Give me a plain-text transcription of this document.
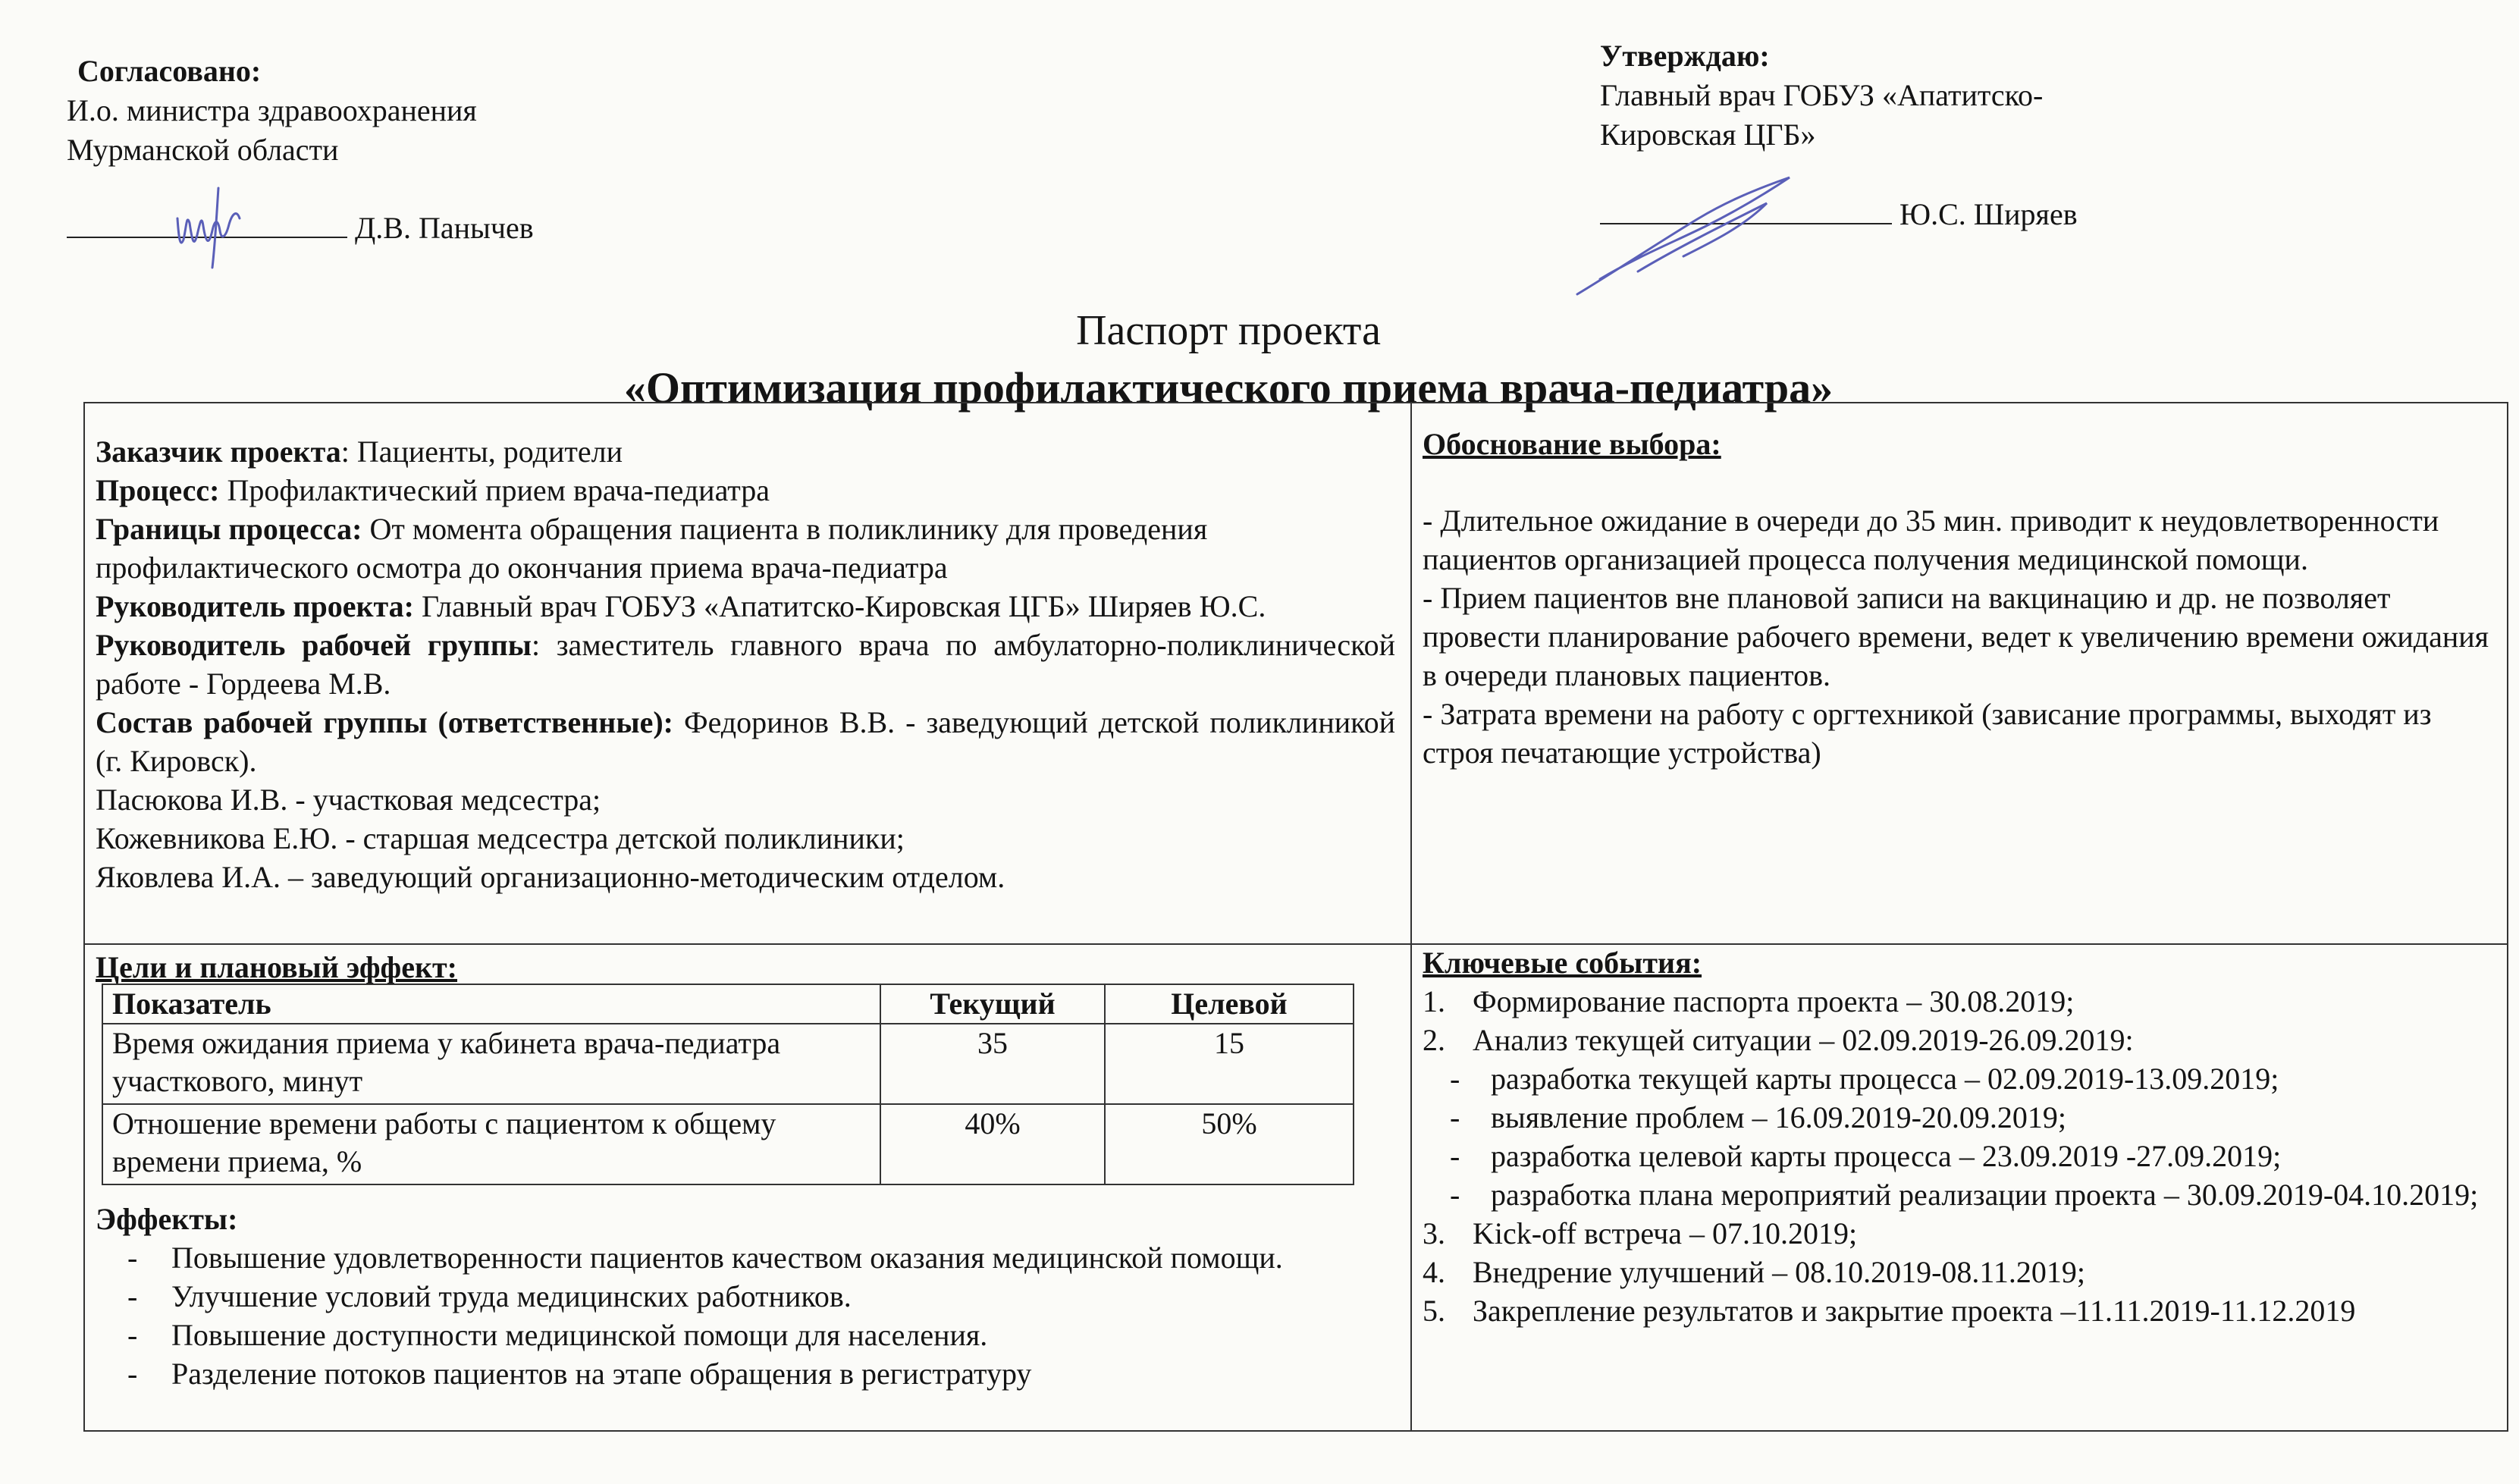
Согласовано:
И.о. министра здравоохранения
Мурманской области
Д.В. Панычев
Утверждаю:
Главный врач ГОБУЗ «Апатитско-
Кировская ЦГБ»
Ю.С. Ширяев
Паспорт проекта
«Оптимизация профилактического приема врача-педиатра»

Заказчик проекта: Пациенты, родители

Процесс: Профилактический прием врача-педиатра

Границы процесса: От момента обращения пациента в поликлинику для проведения профилактического осмотра до окончания приема врача-педиатра

Руководитель проекта: Главный врач ГОБУЗ «Апатитско-Кировская ЦГБ» Ширяев Ю.С.

Руководитель рабочей группы: заместитель главного врача по амбулаторно-поликлинической работе - Гордеева М.В.

Состав рабочей группы (ответственные): Федоринов В.В. - заведующий детской поликлиникой (г. Кировск).

Пасюкова И.В. - участковая медсестра;

Кожевникова Е.Ю. - старшая медсестра детской поликлиники;

Яковлева И.А. – заведующий организационно-методическим отделом.

Обоснование выбора:

- Длительное ожидание в очереди до 35 мин. приводит к неудовлетворенности пациентов организацией процесса получения медицинской помощи.

- Прием пациентов вне плановой записи на вакцинацию и др. не позволяет провести планирование рабочего времени, ведет к увеличению времени ожидания в очереди плановых пациентов.

- Затрата времени на работу с оргтехникой (зависание программы, выходят из строя печатающие устройства)

Цели и плановый эффект:

Показатель	Текущий	Целевой
Время ожидания приема у кабинета врача-педиатра участкового, минут	35	15
Отношение времени работы с пациентом к общему времени приема, %	40%	50%

Эффекты:

- Повышение удовлетворенности пациентов качеством оказания медицинской помощи.
- Улучшение условий труда медицинских работников.
- Повышение доступности медицинской помощи для населения.
- Разделение потоков пациентов на этапе обращения в регистратуру

Ключевые события:

1. Формирование паспорта проекта – 30.08.2019;
2. Анализ текущей ситуации – 02.09.2019-26.09.2019:
- разработка текущей карты процесса – 02.09.2019-13.09.2019;
- выявление проблем – 16.09.2019-20.09.2019;
- разработка целевой карты процесса – 23.09.2019 -27.09.2019;
- разработка плана мероприятий реализации проекта – 30.09.2019-04.10.2019;
3. Kick-off встреча – 07.10.2019;
4. Внедрение улучшений – 08.10.2019-08.11.2019;
5. Закрепление результатов и закрытие проекта –11.11.2019-11.12.2019
